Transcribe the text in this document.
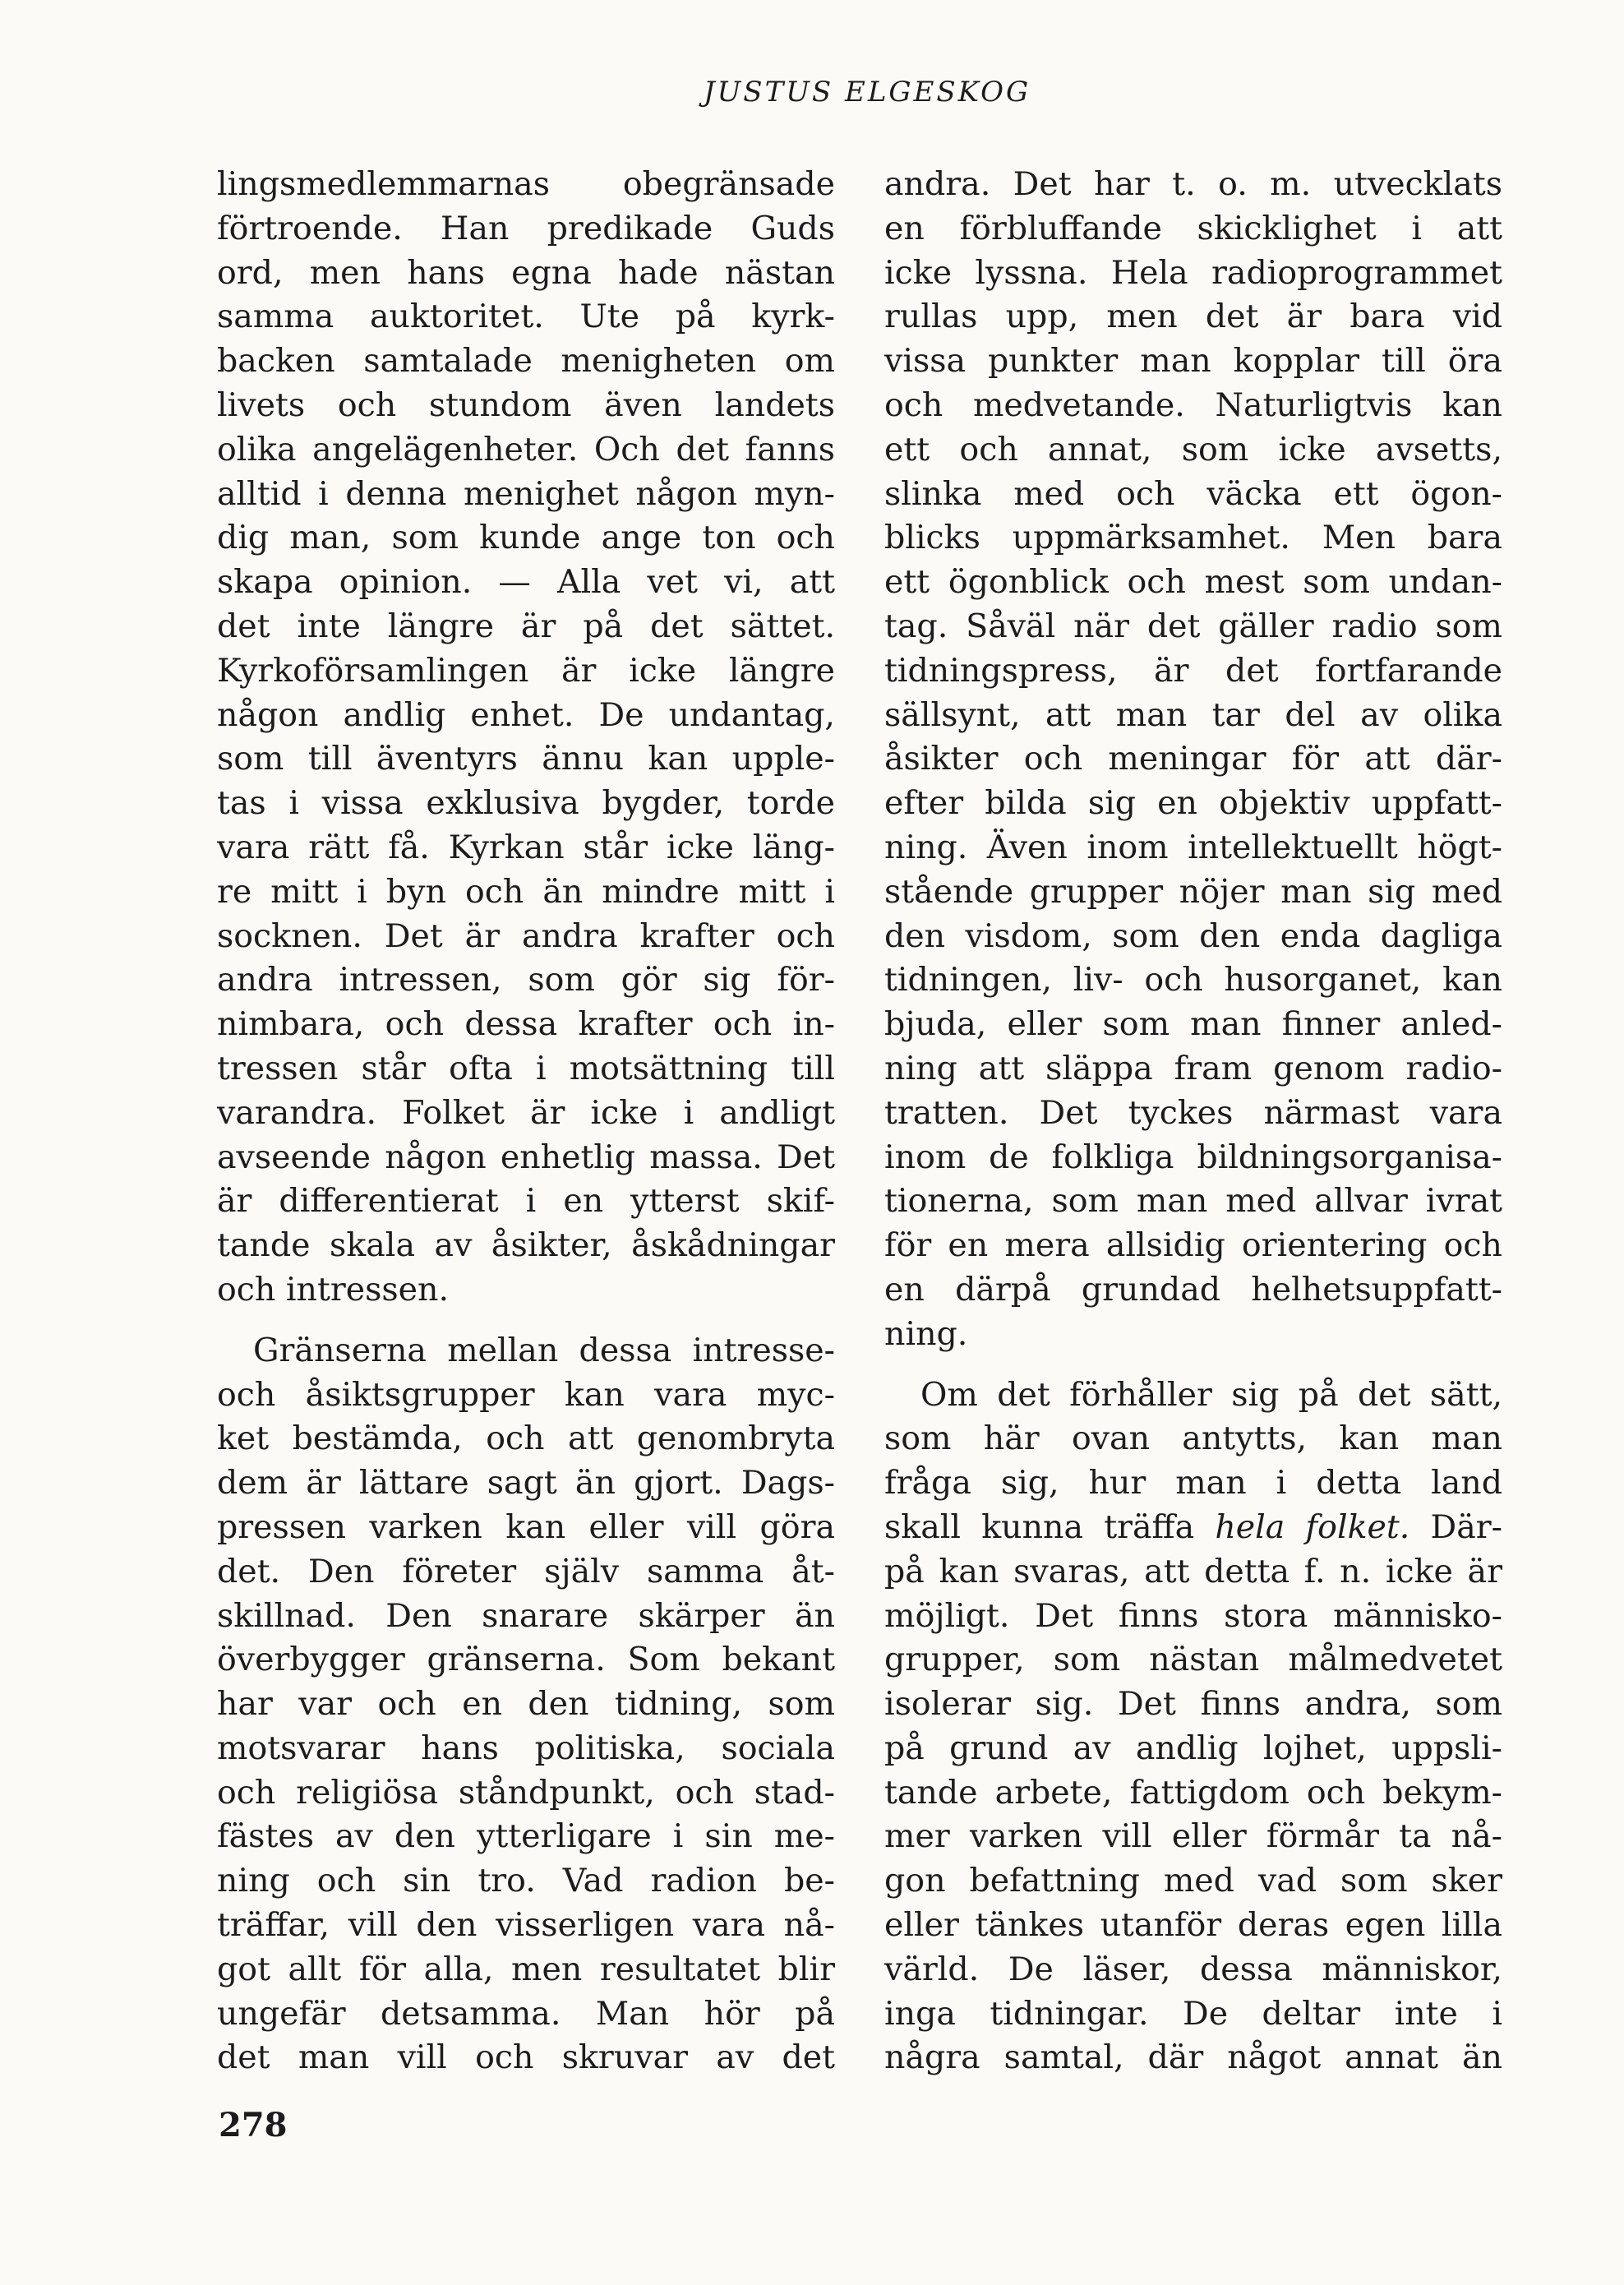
JUSTUS ELGESKOG
lingsmedlemmarnas obegränsade
förtroende. Han predikade Guds
ord, men hans egna hade nästan
samma auktoritet. Ute på kyrk-
backen samtalade menigheten om
livets och stundom även landets
olika angelägenheter. Och det fanns
alltid i denna menighet någon myn-
dig man, som kunde ange ton och
skapa opinion. — Alla vet vi, att
det inte längre är på det sättet.
Kyrkoförsamlingen är icke längre
någon andlig enhet. De undantag,
som till äventyrs ännu kan upple-
tas i vissa exklusiva bygder, torde
vara rätt få. Kyrkan står icke läng-
re mitt i byn och än mindre mitt i
socknen. Det är andra krafter och
andra intressen, som gör sig för-
nimbara, och dessa krafter och in-
tressen står ofta i motsättning till
varandra. Folket är icke i andligt
avseende någon enhetlig massa. Det
är differentierat i en ytterst skif-
tande skala av åsikter, åskådningar
och intressen.
Gränserna mellan dessa intresse-
och åsiktsgrupper kan vara myc-
ket bestämda, och att genombryta
dem är lättare sagt än gjort. Dags-
pressen varken kan eller vill göra
det. Den företer själv samma åt-
skillnad. Den snarare skärper än
överbygger gränserna. Som bekant
har var och en den tidning, som
motsvarar hans politiska, sociala
och religiösa ståndpunkt, och stad-
fästes av den ytterligare i sin me-
ning och sin tro. Vad radion be-
träffar, vill den visserligen vara nå-
got allt för alla, men resultatet blir
ungefär detsamma. Man hör på
det man vill och skruvar av det
andra. Det har t. o. m. utvecklats
en förbluffande skicklighet i att
icke lyssna. Hela radioprogrammet
rullas upp, men det är bara vid
vissa punkter man kopplar till öra
och medvetande. Naturligtvis kan
ett och annat, som icke avsetts,
slinka med och väcka ett ögon-
blicks uppmärksamhet. Men bara
ett ögonblick och mest som undan-
tag. Såväl när det gäller radio som
tidningspress, är det fortfarande
sällsynt, att man tar del av olika
åsikter och meningar för att där-
efter bilda sig en objektiv uppfatt-
ning. Även inom intellektuellt högt-
stående grupper nöjer man sig med
den visdom, som den enda dagliga
tidningen, liv- och husorganet, kan
bjuda, eller som man finner anled-
ning att släppa fram genom radio-
tratten. Det tyckes närmast vara
inom de folkliga bildningsorganisa-
tionerna, som man med allvar ivrat
för en mera allsidig orientering och
en därpå grundad helhetsuppfatt-
ning.
Om det förhåller sig på det sätt,
som här ovan antytts, kan man
fråga sig, hur man i detta land
skall kunna träffa hela folket. Där-
på kan svaras, att detta f. n. icke är
möjligt. Det finns stora människo-
grupper, som nästan målmedvetet
isolerar sig. Det finns andra, som
på grund av andlig lojhet, uppsli-
tande arbete, fattigdom och bekym-
mer varken vill eller förmår ta nå-
gon befattning med vad som sker
eller tänkes utanför deras egen lilla
värld. De läser, dessa människor,
inga tidningar. De deltar inte i
några samtal, där något annat än
278
